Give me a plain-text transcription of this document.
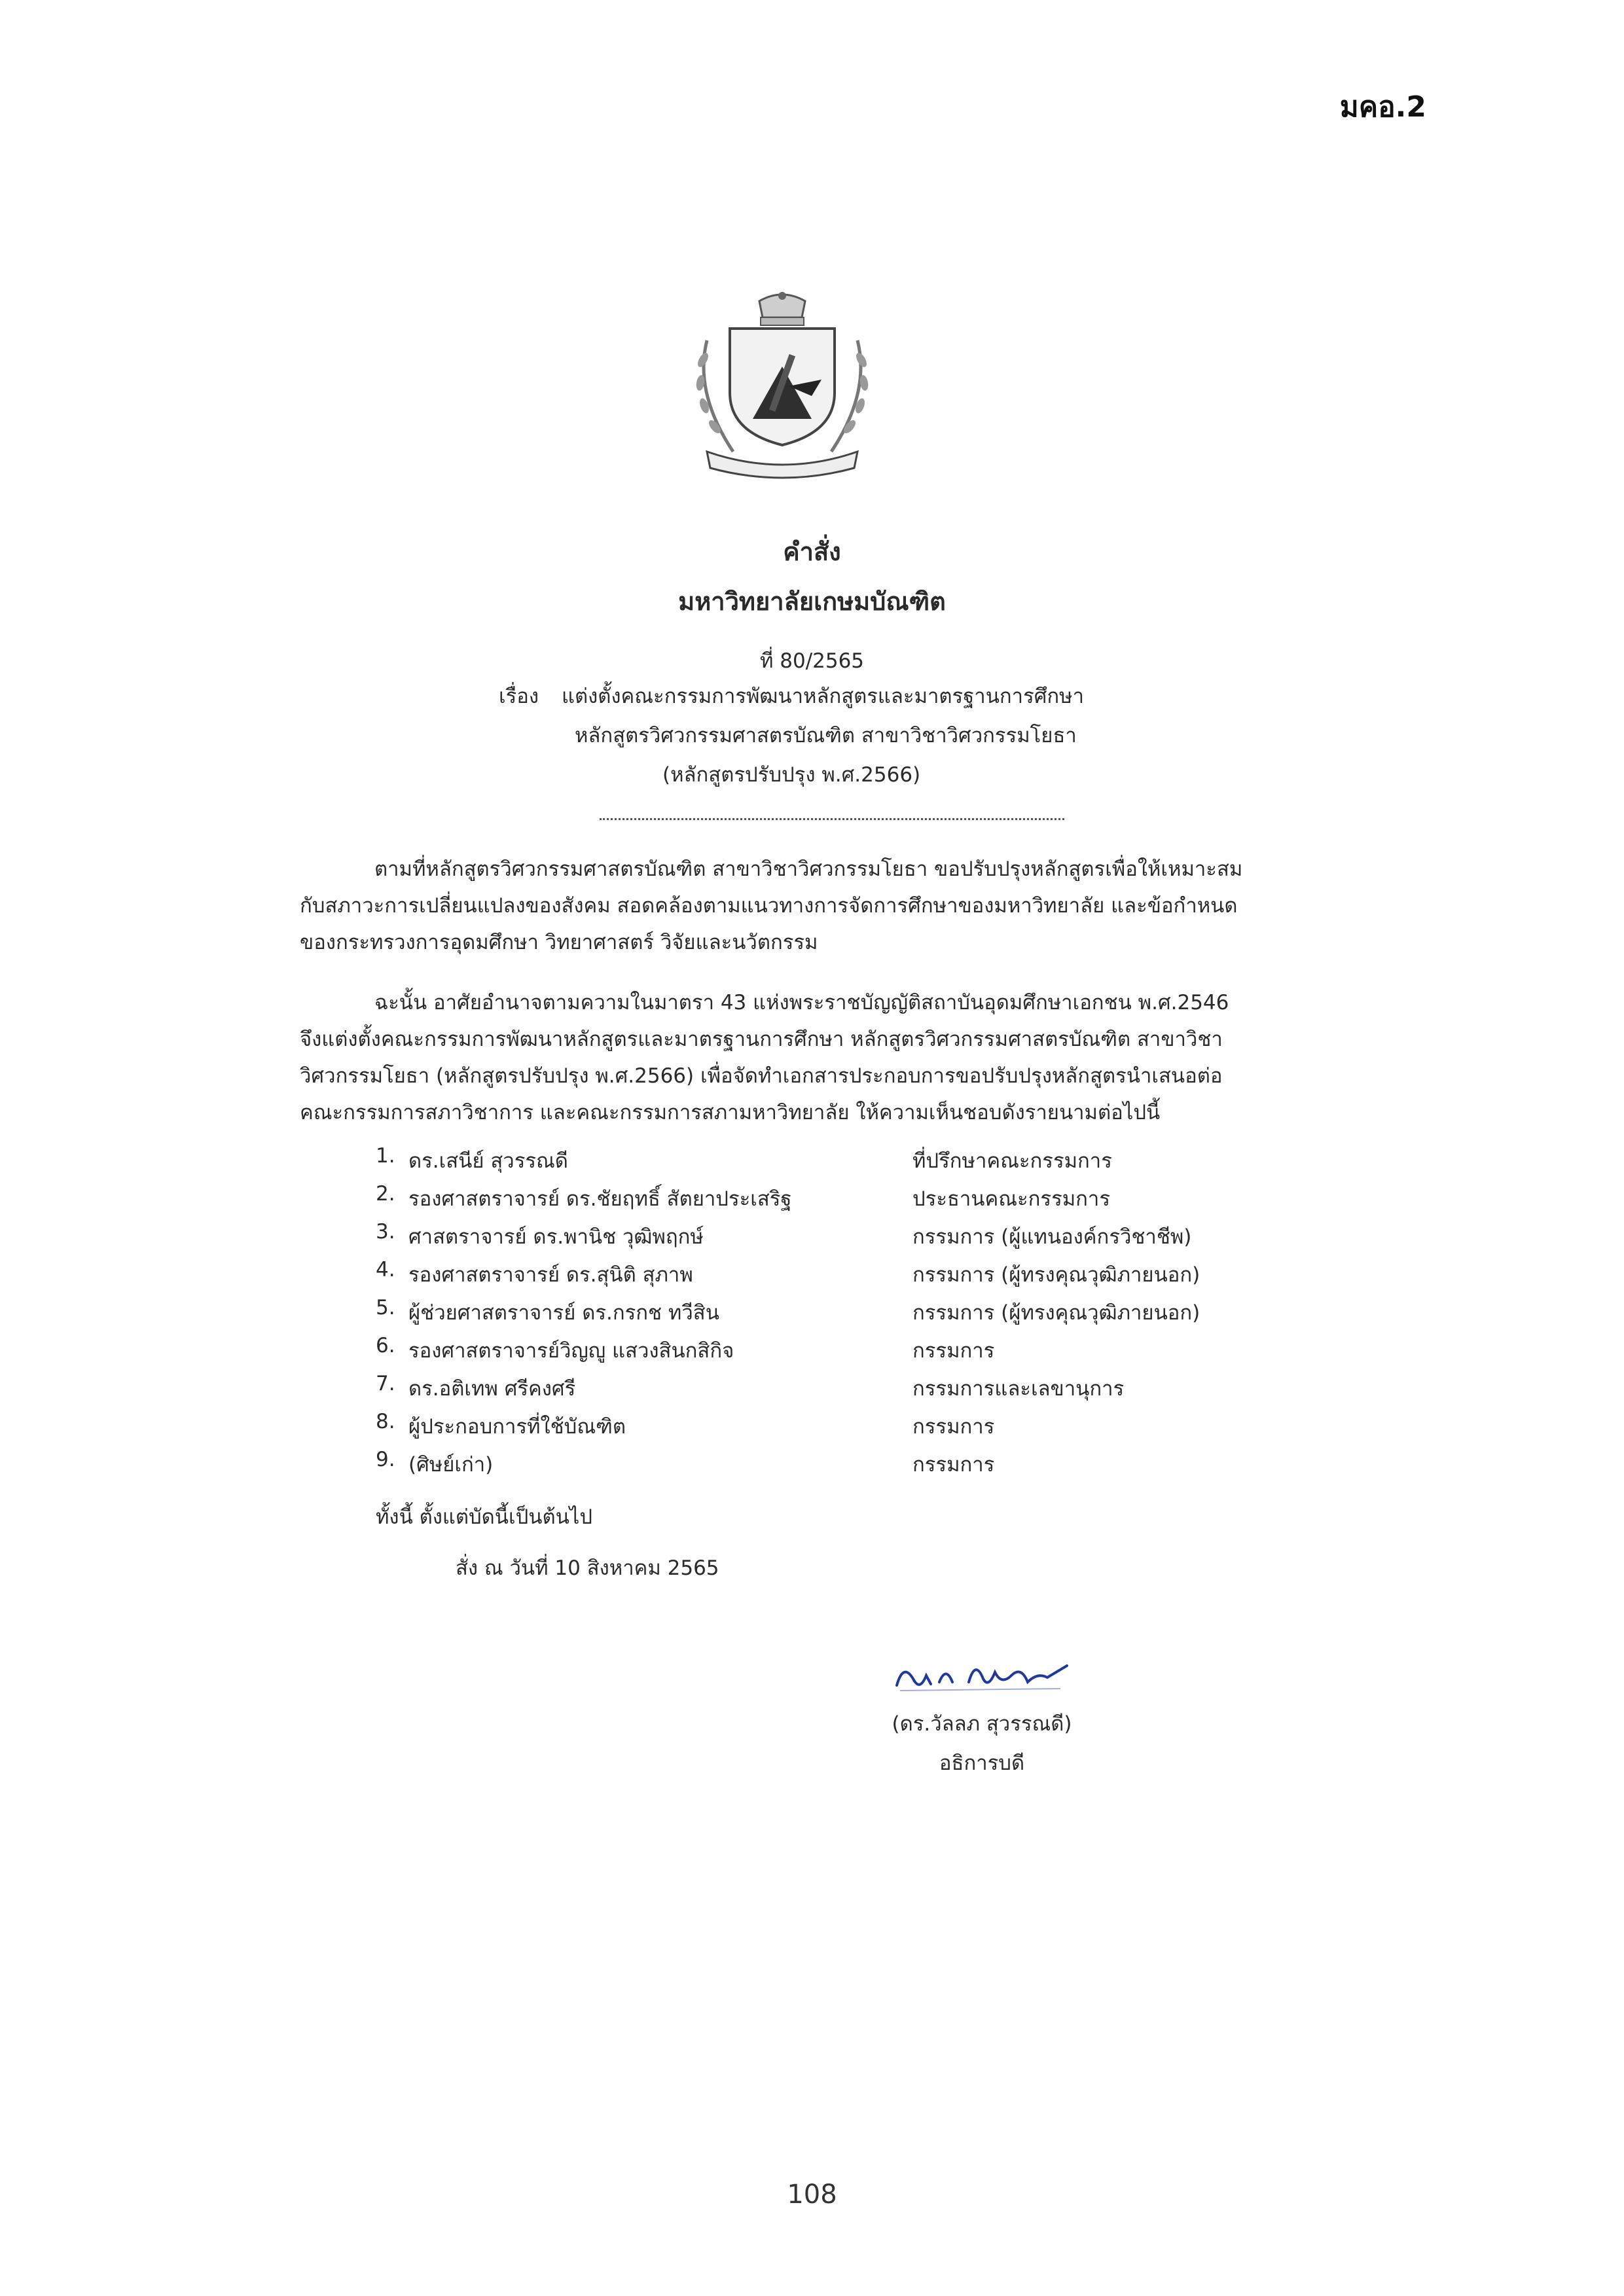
มคอ.2
คำสั่ง
มหาวิทยาลัยเกษมบัณฑิต
ที่ 80/2565
เรื่อง แต่งตั้งคณะกรรมการพัฒนาหลักสูตรและมาตรฐานการศึกษา
หลักสูตรวิศวกรรมศาสตรบัณฑิต สาขาวิชาวิศวกรรมโยธา
(หลักสูตรปรับปรุง พ.ศ.2566)
ตามที่หลักสูตรวิศวกรรมศาสตรบัณฑิต สาขาวิชาวิศวกรรมโยธา ขอปรับปรุงหลักสูตรเพื่อให้เหมาะสม
กับสภาวะการเปลี่ยนแปลงของสังคม สอดคล้องตามแนวทางการจัดการศึกษาของมหาวิทยาลัย และข้อกำหนด
ของกระทรวงการอุดมศึกษา วิทยาศาสตร์ วิจัยและนวัตกรรม
ฉะนั้น อาศัยอำนาจตามความในมาตรา 43 แห่งพระราชบัญญัติสถาบันอุดมศึกษาเอกชน พ.ศ.2546
จึงแต่งตั้งคณะกรรมการพัฒนาหลักสูตรและมาตรฐานการศึกษา หลักสูตรวิศวกรรมศาสตรบัณฑิต สาขาวิชา
วิศวกรรมโยธา (หลักสูตรปรับปรุง พ.ศ.2566) เพื่อจัดทำเอกสารประกอบการขอปรับปรุงหลักสูตรนำเสนอต่อ
คณะกรรมการสภาวิชาการ และคณะกรรมการสภามหาวิทยาลัย ให้ความเห็นชอบดังรายนามต่อไปนี้
1. ดร.เสนีย์ สุวรรณดี	ที่ปรึกษาคณะกรรมการ
2. รองศาสตราจารย์ ดร.ชัยฤทธิ์ สัตยาประเสริฐ	ประธานคณะกรรมการ
3. ศาสตราจารย์ ดร.พานิช วุฒิพฤกษ์	กรรมการ (ผู้แทนองค์กรวิชาชีพ)
4. รองศาสตราจารย์ ดร.สุนิติ สุภาพ	กรรมการ (ผู้ทรงคุณวุฒิภายนอก)
5. ผู้ช่วยศาสตราจารย์ ดร.กรกช ทวีสิน	กรรมการ (ผู้ทรงคุณวุฒิภายนอก)
6. รองศาสตราจารย์วิญญู แสวงสินกสิกิจ	กรรมการ
7. ดร.อติเทพ ศรีคงศรี	กรรมการและเลขานุการ
8. ผู้ประกอบการที่ใช้บัณฑิต	กรรมการ
9. (ศิษย์เก่า)	กรรมการ
ทั้งนี้ ตั้งแต่บัดนี้เป็นต้นไป
สั่ง ณ วันที่ 10 สิงหาคม 2565
(ดร.วัลลภ สุวรรณดี)
อธิการบดี
108
